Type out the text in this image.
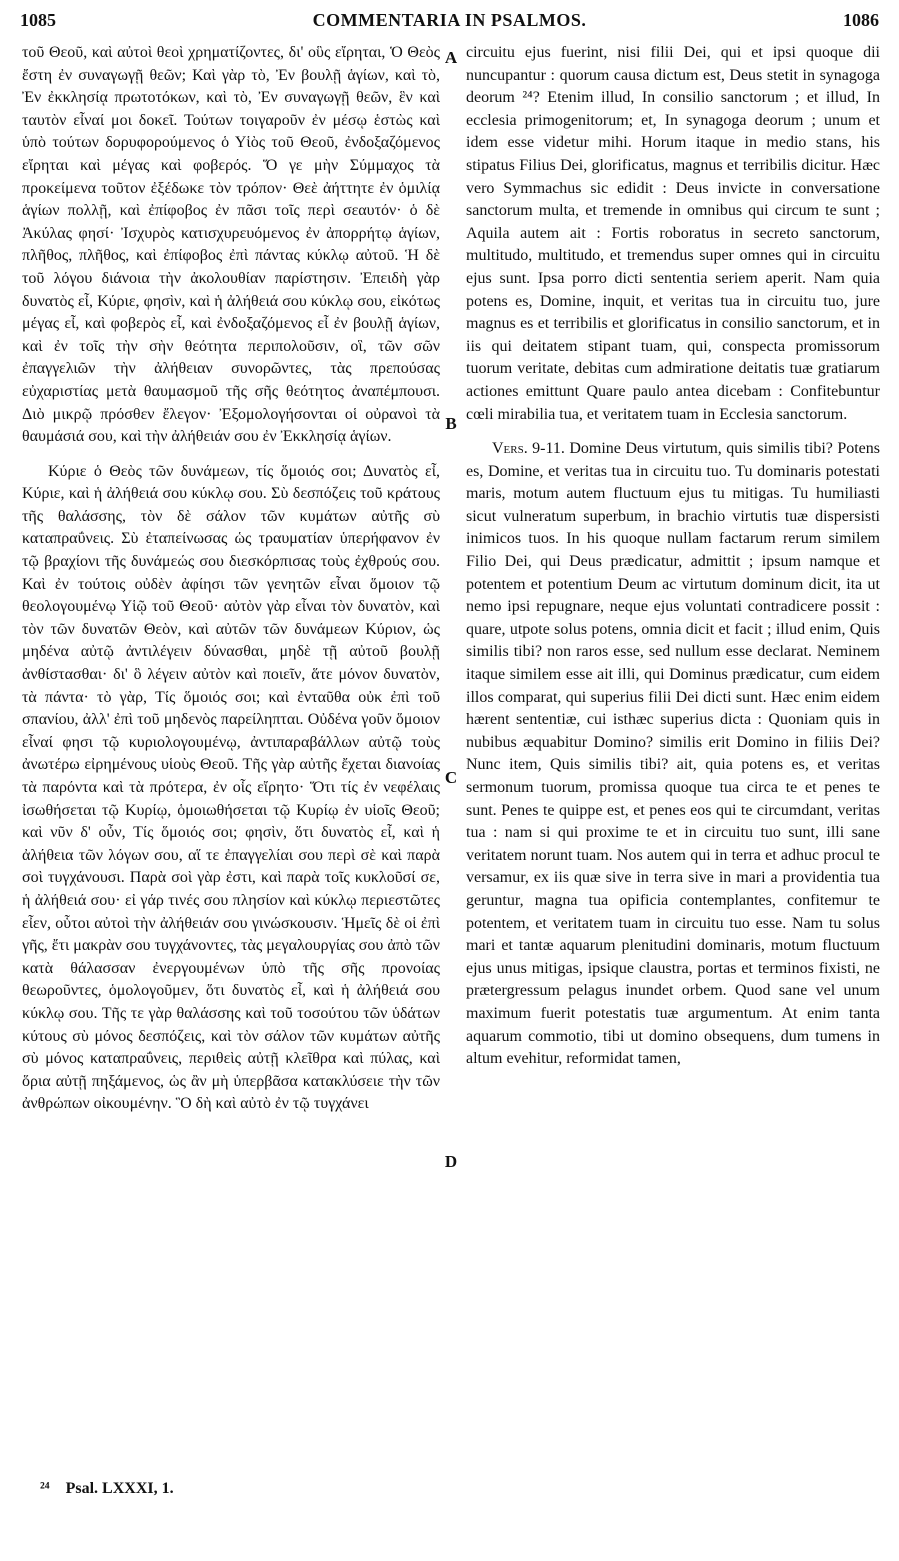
1085	COMMENTARIA IN PSALMOS.	1086

τοῦ Θεοῦ, καὶ αὐτοὶ θεοὶ χρηματίζοντες, δι' οὓς εἴρηται, Ὁ Θεὸς ἔστη ἐν συναγωγῇ θεῶν; Καὶ γὰρ τὸ, Ἐν βουλῇ ἁγίων, καὶ τὸ, Ἐν ἐκκλησίᾳ πρωτοτόκων, καὶ τὸ, Ἐν συναγωγῇ θεῶν, ἓν καὶ ταυτὸν εἶναί μοι δοκεῖ. Τούτων τοιγαροῦν ἐν μέσῳ ἑστὼς καὶ ὑπὸ τούτων δορυφορούμενος ὁ Υἱὸς τοῦ Θεοῦ, ἐνδοξαζόμενος εἴρηται καὶ μέγας καὶ φοβερός. Ὅ γε μὴν Σύμμαχος τὰ προκείμενα τοῦτον ἐξέδωκε τὸν τρόπον· Θεὲ ἀήττητε ἐν ὁμιλίᾳ ἁγίων πολλῇ, καὶ ἐπίφοβος ἐν πᾶσι τοῖς περὶ σεαυτόν· ὁ δὲ Ἀκύλας φησί· Ἰσχυρὸς κατισχυρευόμενος ἐν ἀπορρήτῳ ἁγίων, πλῆθος, πλῆθος, καὶ ἐπίφοβος ἐπὶ πάντας κύκλῳ αὐτοῦ. Ἡ δὲ τοῦ λόγου διάνοια τὴν ἀκολουθίαν παρίστησιν. Ἐπειδὴ γὰρ δυνατὸς εἶ, Κύριε, φησὶν, καὶ ἡ ἀλήθειά σου κύκλῳ σου, εἰκότως μέγας εἶ, καὶ φοβερὸς εἶ, καὶ ἐνδοξαζόμενος εἶ ἐν βουλῇ ἁγίων, καὶ ἐν τοῖς τὴν σὴν θεότητα περιπολοῦσιν, οἳ, τῶν σῶν ἐπαγγελιῶν τὴν ἀλήθειαν συνορῶντες, τὰς πρεπούσας εὐχαριστίας μετὰ θαυμασμοῦ τῆς σῆς θεότητος ἀναπέμπουσι. Διὸ μικρῷ πρόσθεν ἔλεγον· Ἐξομολογήσονται οἱ οὐρανοὶ τὰ θαυμάσιά σου, καὶ τὴν ἀλήθειάν σου ἐν Ἐκκλησίᾳ ἁγίων.

Κύριε ὁ Θεὸς τῶν δυνάμεων, τίς ὅμοιός σοι; Δυνατὸς εἶ, Κύριε, καὶ ἡ ἀλήθειά σου κύκλῳ σου. Σὺ δεσπόζεις τοῦ κράτους τῆς θαλάσσης, τὸν δὲ σάλον τῶν κυμάτων αὐτῆς σὺ καταπραΰνεις. Σὺ ἐταπείνωσας ὡς τραυματίαν ὑπερήφανον ἐν τῷ βραχίονι τῆς δυνάμεώς σου διεσκόρπισας τοὺς ἐχθρούς σου. Καὶ ἐν τούτοις οὐδὲν ἀφίησι τῶν γενητῶν εἶναι ὅμοιον τῷ θεολογουμένῳ Υἱῷ τοῦ Θεοῦ· αὐτὸν γὰρ εἶναι τὸν δυνατὸν, καὶ τὸν τῶν δυνατῶν Θεὸν, καὶ αὐτῶν τῶν δυνάμεων Κύριον, ὡς μηδένα αὐτῷ ἀντιλέγειν δύνασθαι, μηδὲ τῇ αὐτοῦ βουλῇ ἀνθίστασθαι· δι' ὃ λέγειν αὐτὸν καὶ ποιεῖν, ἅτε μόνον δυνατὸν, τὰ πάντα· τὸ γὰρ, Τίς ὅμοιός σοι; καὶ ἐνταῦθα οὐκ ἐπὶ τοῦ σπανίου, ἀλλ' ἐπὶ τοῦ μηδενὸς παρείληπται. Οὐδένα γοῦν ὅμοιον εἶναί φησι τῷ κυριολογουμένῳ, ἀντιπαραβάλλων αὐτῷ τοὺς ἀνωτέρω εἰρημένους υἱοὺς Θεοῦ. Τῆς γὰρ αὐτῆς ἔχεται διανοίας τὰ παρόντα καὶ τὰ πρότερα, ἐν οἷς εἴρητο· Ὅτι τίς ἐν νεφέλαις ἰσωθήσεται τῷ Κυρίῳ, ὁμοιωθήσεται τῷ Κυρίῳ ἐν υἱοῖς Θεοῦ; καὶ νῦν δ' οὖν, Τίς ὅμοιός σοι; φησὶν, ὅτι δυνατὸς εἶ, καὶ ἡ ἀλήθεια τῶν λόγων σου, αἵ τε ἐπαγγελίαι σου περὶ σὲ καὶ παρὰ σοὶ τυγχάνουσι. Παρὰ σοὶ γὰρ ἐστι, καὶ παρὰ τοῖς κυκλοῦσί σε, ἡ ἀλήθειά σου· εἰ γάρ τινές σου πλησίον καὶ κύκλῳ περιεστῶτες εἶεν, οὗτοι αὐτοὶ τὴν ἀλήθειάν σου γινώσκουσιν. Ἡμεῖς δὲ οἱ ἐπὶ γῆς, ἔτι μακρὰν σου τυγχάνοντες, τὰς μεγαλουργίας σου ἀπὸ τῶν κατὰ θάλασσαν ἐνεργουμένων ὑπὸ τῆς σῆς προνοίας θεωροῦντες, ὁμολογοῦμεν, ὅτι δυνατὸς εἶ, καὶ ἡ ἀλήθειά σου κύκλῳ σου. Τῆς τε γὰρ θαλάσσης καὶ τοῦ τοσούτου τῶν ὑδάτων κύτους σὺ μόνος δεσπόζεις, καὶ τὸν σάλον τῶν κυμάτων αὐτῆς σὺ μόνος καταπραΰνεις, περιθεὶς αὐτῇ κλεῖθρα καὶ πύλας, καὶ ὅρια αὐτῇ πηξάμενος, ὡς ἂν μὴ ὑπερβᾶσα κατακλύσειε τὴν τῶν ἀνθρώπων οἰκουμένην. Ὃ δὴ καὶ αὐτὸ ἐν τῷ τυγχάνει

circuitu ejus fuerint, nisi filii Dei, qui et ipsi quoque dii nuncupantur : quorum causa dictum est, Deus stetit in synagoga deorum ²⁴? Etenim illud, In consilio sanctorum ; et illud, In ecclesia primogenitorum; et, In synagoga deorum ; unum et idem esse videtur mihi. Horum itaque in medio stans, his stipatus Filius Dei, glorificatus, magnus et terribilis dicitur. Hæc vero Symmachus sic edidit : Deus invicte in conversatione sanctorum multa, et tremende in omnibus qui circum te sunt ; Aquila autem ait : Fortis roboratus in secreto sanctorum, multitudo, multitudo, et tremendus super omnes qui in circuitu ejus sunt. Ipsa porro dicti sententia seriem aperit. Nam quia potens es, Domine, inquit, et veritas tua in circuitu tuo, jure magnus es et terribilis et glorificatus in consilio sanctorum, et in iis qui deitatem stipant tuam, qui, conspecta promissorum tuorum veritate, debitas cum admiratione deitatis tuæ gratiarum actiones emittunt Quare paulo antea dicebam : Confitebuntur cœli mirabilia tua, et veritatem tuam in Ecclesia sanctorum.

Vers. 9-11. Domine Deus virtutum, quis similis tibi? Potens es, Domine, et veritas tua in circuitu tuo. Tu dominaris potestati maris, motum autem fluctuum ejus tu mitigas. Tu humiliasti sicut vulneratum superbum, in brachio virtutis tuæ dispersisti inimicos tuos. In his quoque nullam factarum rerum similem Filio Dei, qui Deus prædicatur, admittit ; ipsum namque et potentem et potentium Deum ac virtutum dominum dicit, ita ut nemo ipsi repugnare, neque ejus voluntati contradicere possit : quare, utpote solus potens, omnia dicit et facit ; illud enim, Quis similis tibi? non raros esse, sed nullum esse declarat. Neminem itaque similem esse ait illi, qui Dominus prædicatur, cum eidem illos comparat, qui superius filii Dei dicti sunt. Hæc enim eidem hærent sententiæ, cui isthæc superius dicta : Quoniam quis in nubibus æquabitur Domino? similis erit Domino in filiis Dei? Nunc item, Quis similis tibi? ait, quia potens es, et veritas sermonum tuorum, promissa quoque tua circa te et penes te sunt. Penes te quippe est, et penes eos qui te circumdant, veritas tua : nam si qui proxime te et in circuitu tuo sunt, illi sane veritatem norunt tuam. Nos autem qui in terra et adhuc procul te versamur, ex iis quæ sive in terra sive in mari a providentia tua geruntur, magna tua opificia contemplantes, confitemur te potentem, et veritatem tuam in circuitu tuo esse. Nam tu solus mari et tantæ aquarum plenitudini dominaris, motum fluctuum ejus unus mitigas, ipsique claustra, portas et terminos fixisti, ne prætergressum pelagus inundet orbem. Quod sane vel unum maximum fuerit potestatis tuæ argumentum. At enim tanta aquarum commotio, tibi ut domino obsequens, dum tumens in altum evehitur, reformidat tamen,

A
B
C
D
²⁴ Psal. LXXXI, 1.
